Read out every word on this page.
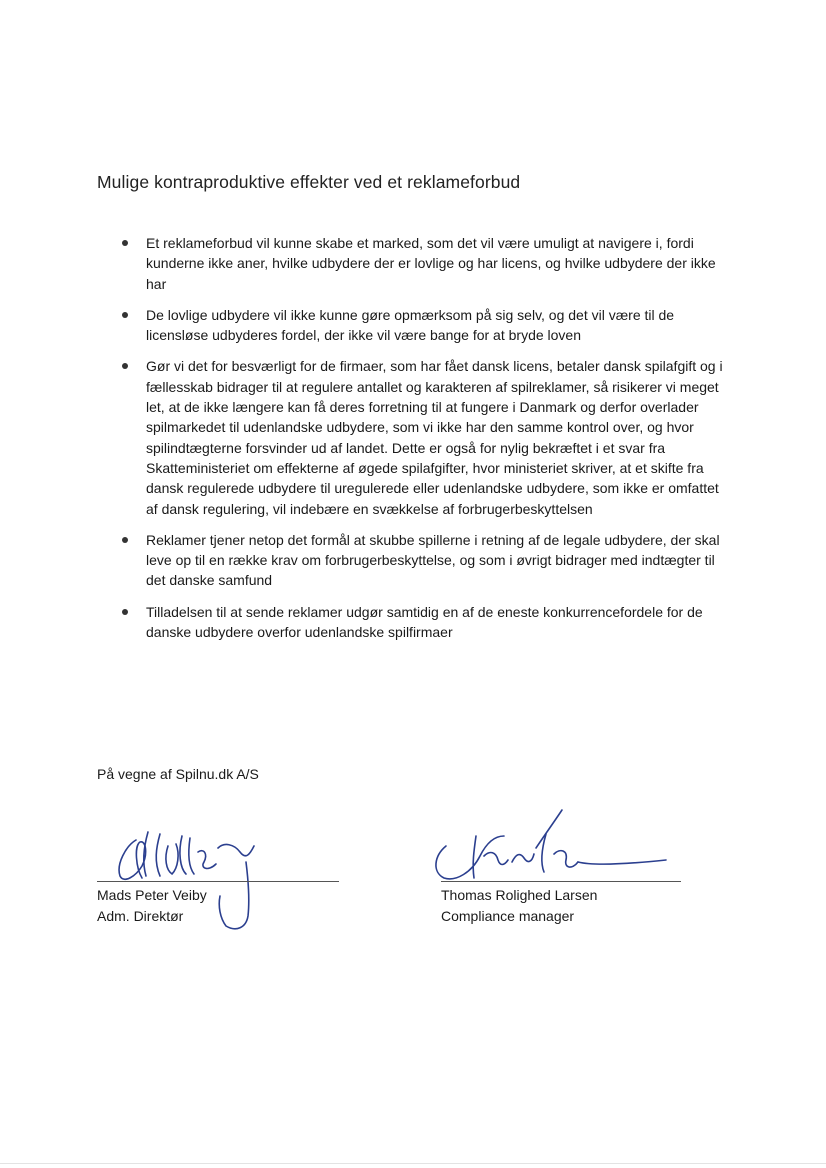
Mulige kontraproduktive effekter ved et reklameforbud
Et reklameforbud vil kunne skabe et marked, som det vil være umuligt at navigere i, fordi kunderne ikke aner, hvilke udbydere der er lovlige og har licens, og hvilke udbydere der ikke har
De lovlige udbydere vil ikke kunne gøre opmærksom på sig selv, og det vil være til de licensløse udbyderes fordel, der ikke vil være bange for at bryde loven
Gør vi det for besværligt for de firmaer, som har fået dansk licens, betaler dansk spilafgift og i fællesskab bidrager til at regulere antallet og karakteren af spilreklamer, så risikerer vi meget let, at de ikke længere kan få deres forretning til at fungere i Danmark og derfor overlader spilmarkedet til udenlandske udbydere, som vi ikke har den samme kontrol over, og hvor spilindtægterne forsvinder ud af landet. Dette er også for nylig bekræftet i et svar fra Skatteministeriet om effekterne af øgede spilafgifter, hvor ministeriet skriver, at et skifte fra dansk regulerede udbydere til uregulerede eller udenlandske udbydere, som ikke er omfattet af dansk regulering, vil indebære en svækkelse af forbrugerbeskyttelsen
Reklamer tjener netop det formål at skubbe spillerne i retning af de legale udbydere, der skal leve op til en række krav om forbrugerbeskyttelse, og som i øvrigt bidrager med indtægter til det danske samfund
Tilladelsen til at sende reklamer udgør samtidig en af de eneste konkurrencefordele for de danske udbydere overfor udenlandske spilfirmaer
På vegne af Spilnu.dk A/S
Mads Peter Veiby
Adm. Direktør
Thomas Rolighed Larsen
Compliance manager
